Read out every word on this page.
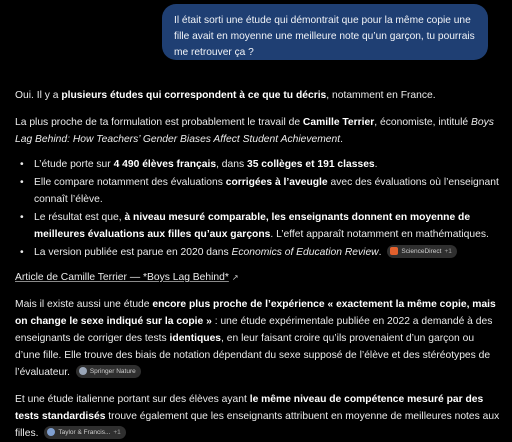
Il était sorti une étude qui démontrait que pour la même copie une fille avait en moyenne une meilleure note qu’un garçon, tu pourrais me retrouver ça ?

Oui. Il y a plusieurs études qui correspondent à ce que tu décris, notamment en France.

La plus proche de ta formulation est probablement le travail de Camille Terrier, économiste, intitulé Boys Lag Behind: How Teachers’ Gender Biases Affect Student Achievement.

• L’étude porte sur 4 490 élèves français, dans 35 collèges et 191 classes.
• Elle compare notamment des évaluations corrigées à l’aveugle avec des évaluations où l’enseignant connaît l’élève.
• Le résultat est que, à niveau mesuré comparable, les enseignants donnent en moyenne de meilleures évaluations aux filles qu’aux garçons. L’effet apparaît notamment en mathématiques.
• La version publiée est parue en 2020 dans Economics of Education Review.	ScienceDirect +1

Article de Camille Terrier — *Boys Lag Behind* ↗

Mais il existe aussi une étude encore plus proche de l’expérience « exactement la même copie, mais on change le sexe indiqué sur la copie » : une étude expérimentale publiée en 2022 a demandé à des enseignants de corriger des tests identiques, en leur faisant croire qu’ils provenaient d’un garçon ou d’une fille. Elle trouve des biais de notation dépendant du sexe supposé de l’élève et des stéréotypes de l’évaluateur.	Springer Nature

Et une étude italienne portant sur des élèves ayant le même niveau de compétence mesuré par des tests standardisés trouve également que les enseignants attribuent en moyenne de meilleures notes aux filles.	Taylor & Francis... +1
